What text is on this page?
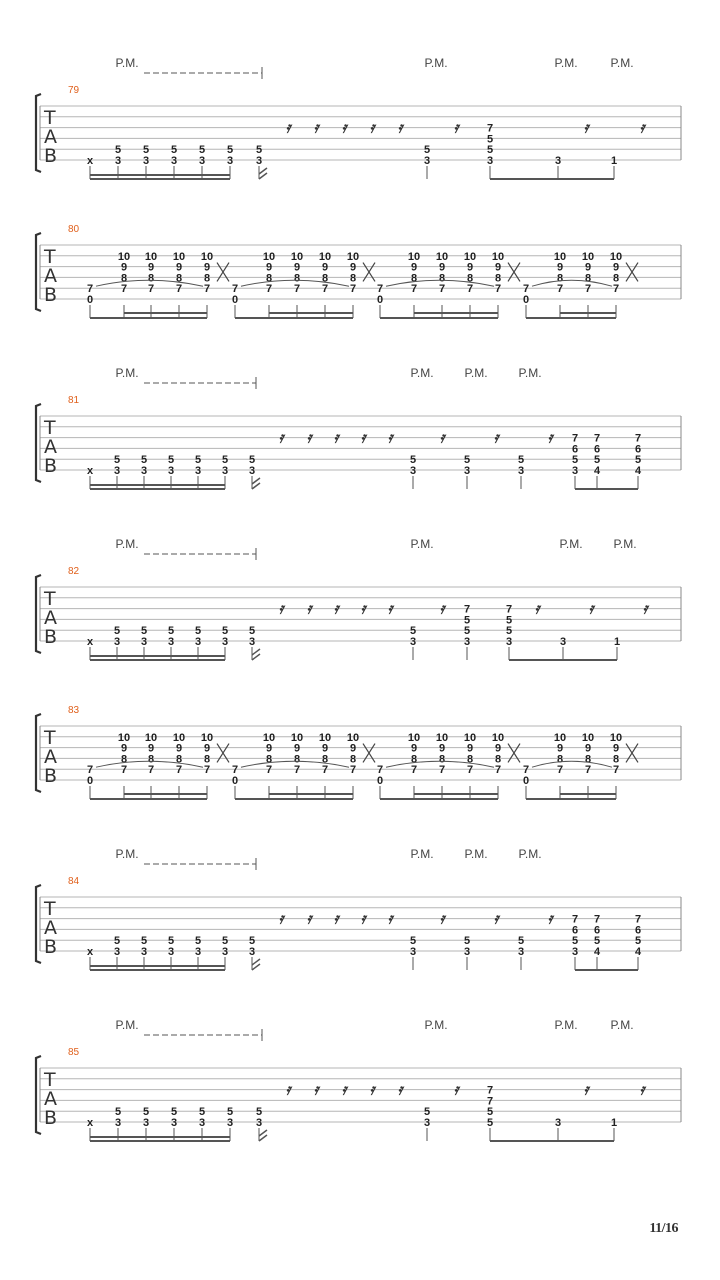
T
A
B
79
P.M.	P.M.	P.M.	P.M.
x
5
3
5
3
5
3
5
3
5
3
5
3
5
3
7
5
5
3	3	1
𝄿 𝄿 𝄿 𝄿 𝄿	𝄿	𝄿	𝄿
T
A
B
80
7
0
10
9
8
7
10
9
8
7
10
9
8
7
10
9
8
7 7
0
10
9
8
7
10
9
8
7
10
9
8
7
10
9
8
7 7
0
10
9
8
7
10
9
8
7
10
9
8
7
10
9
8
7 7
0
10
9
8
7
10
9
8
7
10
9
8
7
T
A
B
81
P.M.	P.M.	P.M.	P.M.
x
5
3
5
3
5
3
5
3
5
3
5
3
5
3
5
3
5
3
7
6
5
3
7
6
5
4
7
6
5
4
𝄿 𝄿 𝄿 𝄿 𝄿	𝄿	𝄿	𝄿
T
A
B
82
P.M.	P.M.	P.M.	P.M.
x
5
3
5
3
5
3
5
3
5
3
5
3
5
3
7
5
5
3
7
5
5
3	3	1
𝄿 𝄿 𝄿 𝄿 𝄿	𝄿	𝄿	𝄿	𝄿
T
A
B
83
7
0
10
9
8
7
10
9
8
7
10
9
8
7
10
9
8
7 7
0
10
9
8
7
10
9
8
7
10
9
8
7
10
9
8
7 7
0
10
9
8
7
10
9
8
7
10
9
8
7
10
9
8
7 7
0
10
9
8
7
10
9
8
7
10
9
8
7
T
A
B
84
P.M.	P.M.	P.M.	P.M.
x
5
3
5
3
5
3
5
3
5
3
5
3
5
3
5
3
5
3
7
6
5
3
7
6
5
4
7
6
5
4
𝄿 𝄿 𝄿 𝄿 𝄿	𝄿	𝄿	𝄿
T
A
B
85
P.M.	P.M.	P.M.	P.M.
x
5
3
5
3
5
3
5
3
5
3
5
3
5
3
7
7
5
5	3	1
𝄿 𝄿 𝄿 𝄿 𝄿	𝄿	𝄿	𝄿
11/16
